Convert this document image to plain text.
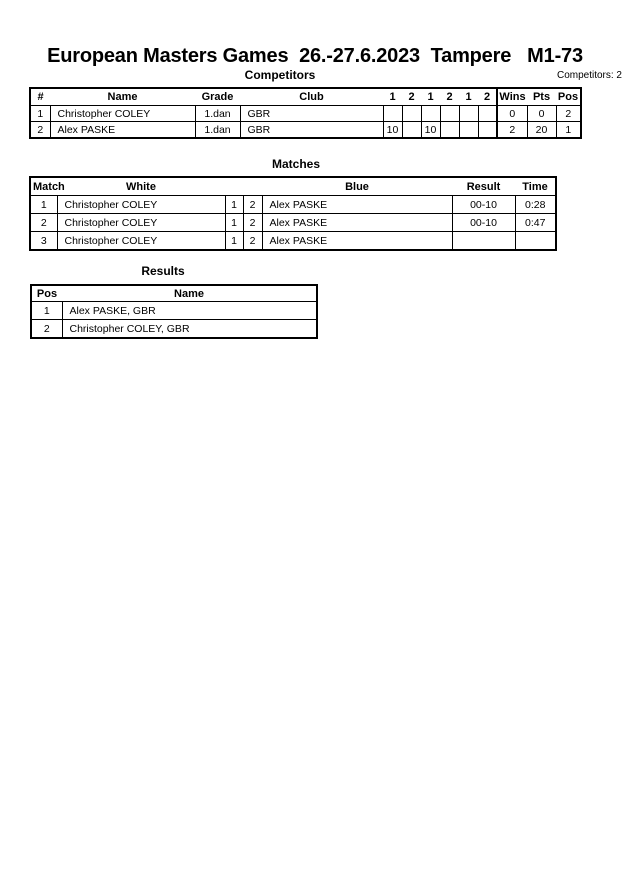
European Masters Games  26.-27.6.2023  Tampere   M1-73
Competitors	Competitors: 2
#	Name	Grade	Club	1	2	1	2	1	2	Wins	Pts	Pos
1	Christopher COLEY	1.dan	GBR							0	0	2
2	Alex PASKE	1.dan	GBR	10		10				2	20	1
Matches
Match	White			Blue	Result	Time
1	Christopher COLEY	1	2	Alex PASKE	00-10	0:28
2	Christopher COLEY	1	2	Alex PASKE	00-10	0:47
3	Christopher COLEY	1	2	Alex PASKE		
Results
Pos	Name
1	Alex PASKE, GBR
2	Christopher COLEY, GBR
